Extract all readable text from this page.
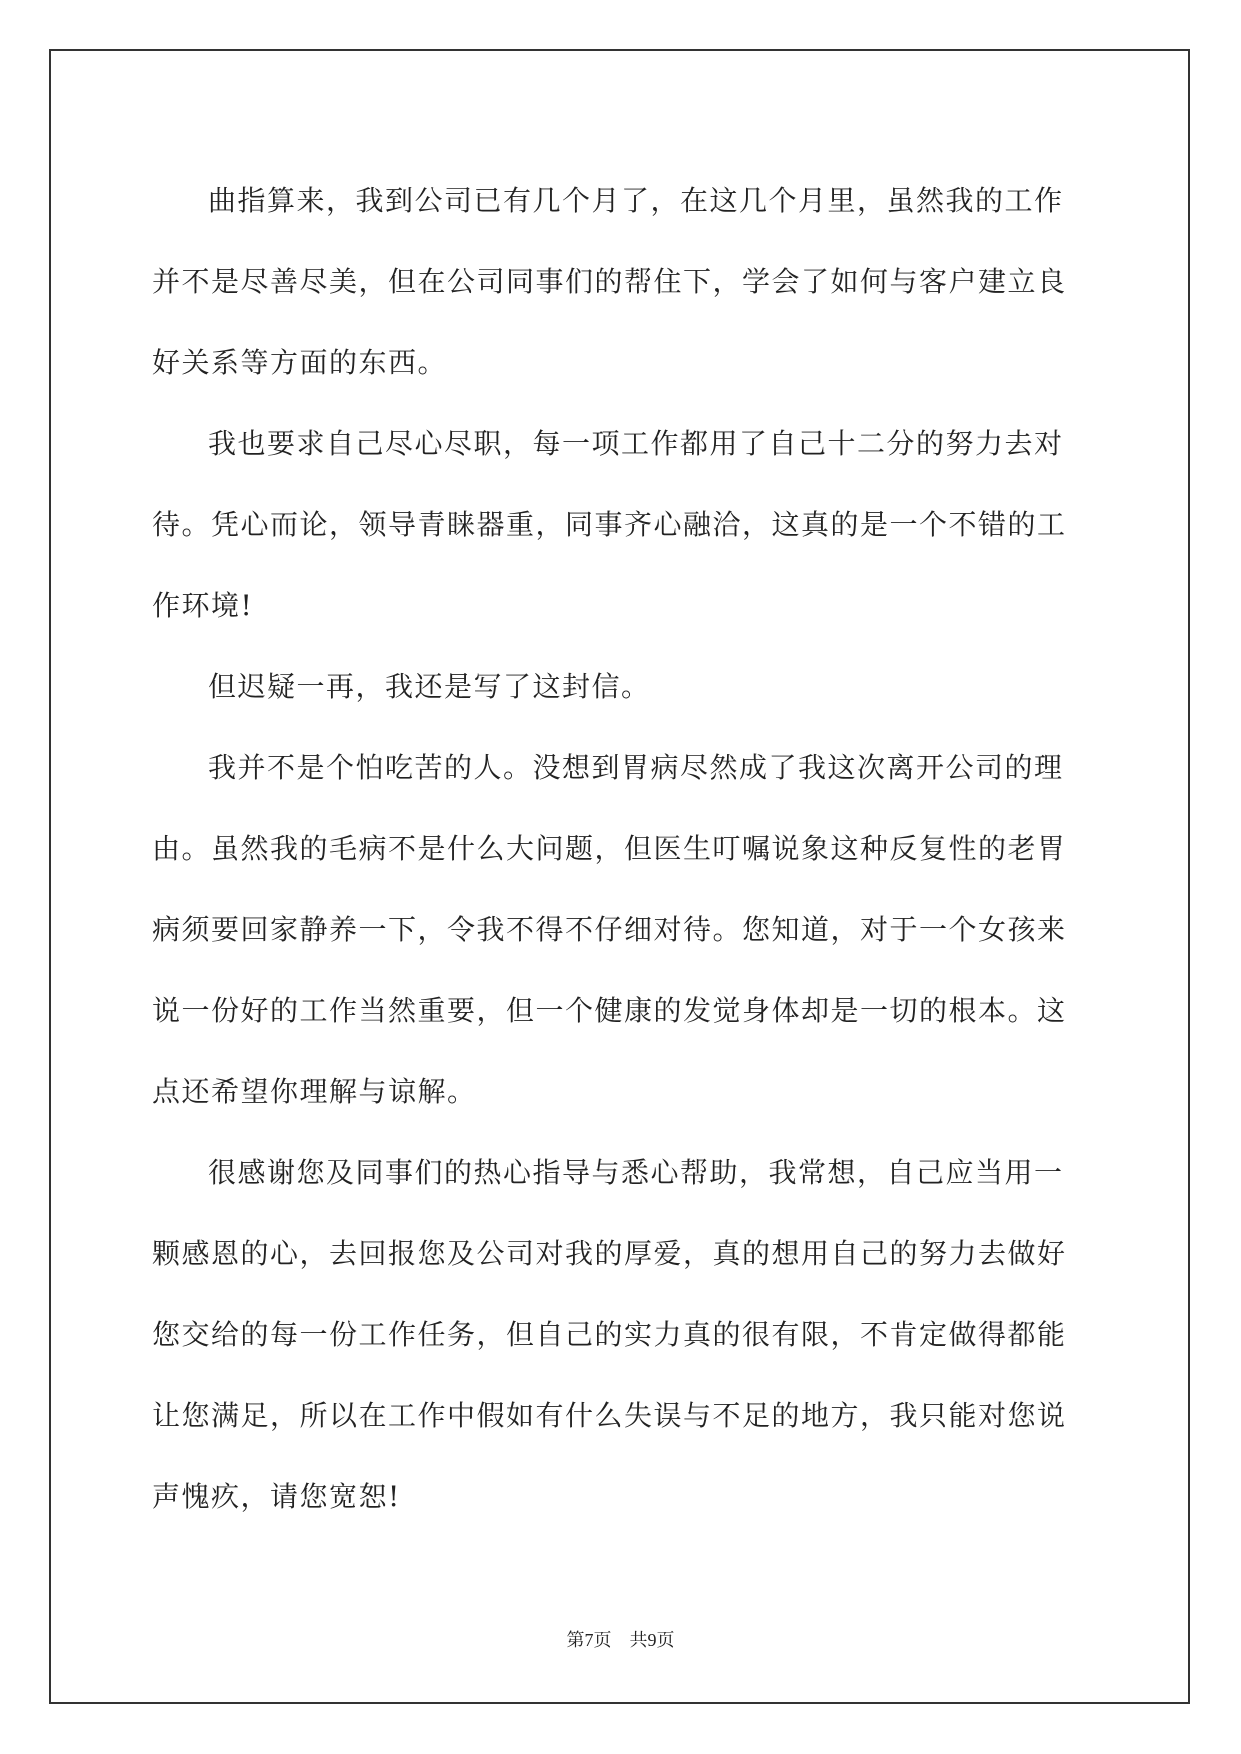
曲指算来，我到公司已有几个月了，在这几个月里，虽然我的工作并不是尽善尽美，但在公司同事们的帮住下，学会了如何与客户建立良好关系等方面的东西。

我也要求自己尽心尽职，每一项工作都用了自己十二分的努力去对待。凭心而论，领导青睐器重，同事齐心融洽，这真的是一个不错的工作环境!

但迟疑一再，我还是写了这封信。

我并不是个怕吃苦的人。没想到胃病尽然成了我这次离开公司的理由。虽然我的毛病不是什么大问题，但医生叮嘱说象这种反复性的老胃病须要回家静养一下，令我不得不仔细对待。您知道，对于一个女孩来说一份好的工作当然重要，但一个健康的发觉身体却是一切的根本。这点还希望你理解与谅解。

很感谢您及同事们的热心指导与悉心帮助，我常想，自己应当用一颗感恩的心，去回报您及公司对我的厚爱，真的想用自己的努力去做好您交给的每一份工作任务，但自己的实力真的很有限，不肯定做得都能让您满足，所以在工作中假如有什么失误与不足的地方，我只能对您说声愧疚，请您宽恕!

第7页 共9页
